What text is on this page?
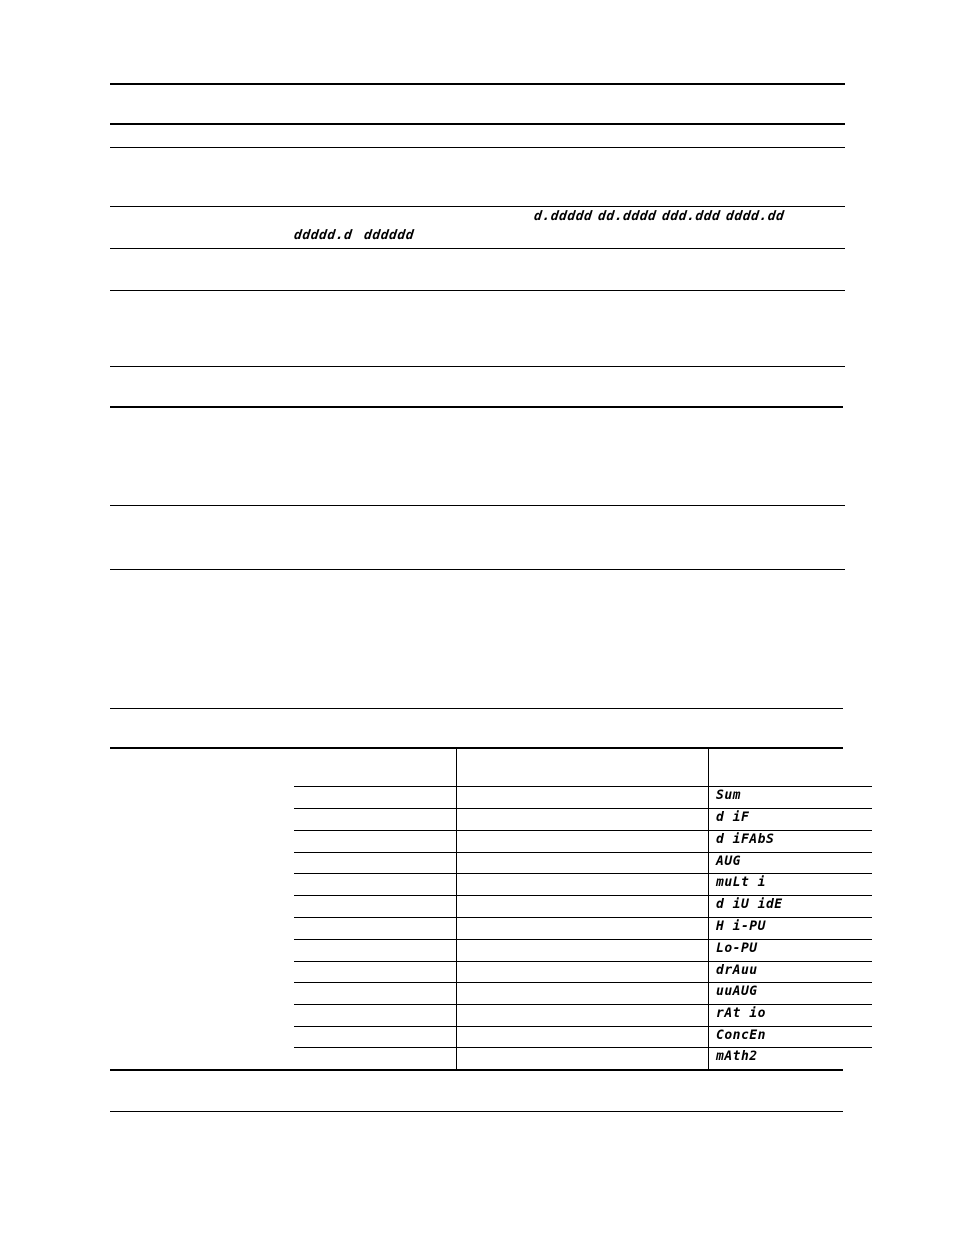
d.ddddd dd.dddd ddd.ddd dddd.dd
ddddd.d dddddd
Sum
d iF
d iFAbS
AUG
muLt i
d iU idE
H i-PU
Lo-PU
drAuu
uuAUG
rAt io
ConcEn
mAth2
